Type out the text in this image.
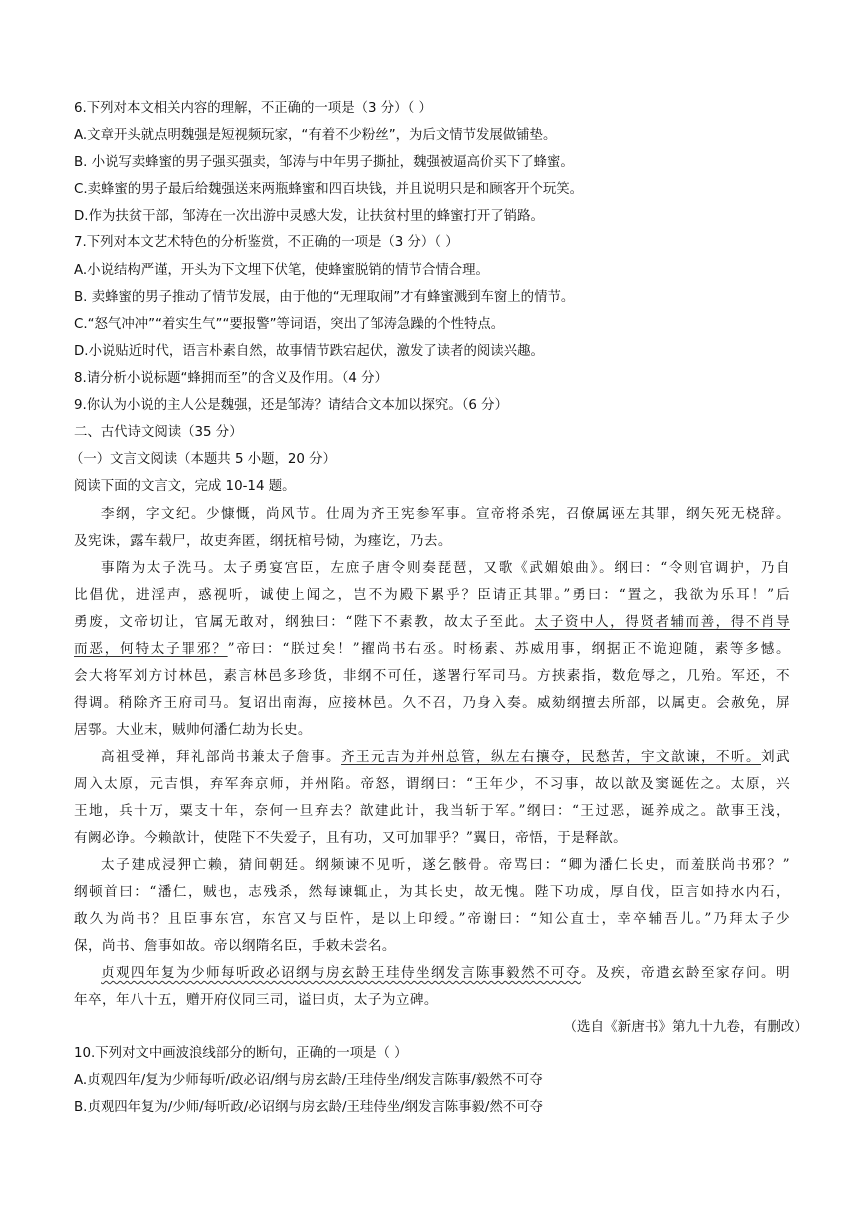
6.下列对本文相关内容的理解，不正确的一项是（3 分）（ ）
A.文章开头就点明魏强是短视频玩家，“有着不少粉丝”，为后文情节发展做铺垫。
B. 小说写卖蜂蜜的男子强买强卖，邹涛与中年男子撕扯，魏强被逼高价买下了蜂蜜。
C.卖蜂蜜的男子最后给魏强送来两瓶蜂蜜和四百块钱，并且说明只是和顾客开个玩笑。
D.作为扶贫干部，邹涛在一次出游中灵感大发，让扶贫村里的蜂蜜打开了销路。
7.下列对本文艺术特色的分析鉴赏，不正确的一项是（3 分）（ ）
A.小说结构严谨，开头为下文埋下伏笔，使蜂蜜脱销的情节合情合理。
B. 卖蜂蜜的男子推动了情节发展，由于他的“无理取闹”才有蜂蜜溅到车窗上的情节。
C.“怒气冲冲”“着实生气”“要报警”等词语，突出了邹涛急躁的个性特点。
D.小说贴近时代，语言朴素自然，故事情节跌宕起伏，激发了读者的阅读兴趣。
8.请分析小说标题“蜂拥而至”的含义及作用。（4 分）
9.你认为小说的主人公是魏强，还是邹涛？请结合文本加以探究。（6 分）
二、古代诗文阅读（35 分）
（一）文言文阅读（本题共 5 小题，20 分）
阅读下面的文言文，完成 10-14 题。
李纲，字文纪。少慷慨，尚风节。仕周为齐王宪参军事。宣帝将杀宪，召僚属诬左其罪，纲矢死无桡辞。
及宪诛，露车载尸，故吏奔匿，纲抚棺号恸，为瘗讫，乃去。
事隋为太子洗马。太子勇宴宫臣，左庶子唐令则奏琵琶，又歌《武媚娘曲》。纲曰：“令则官调护，乃自
比倡优，进淫声，惑视听，诚使上闻之，岂不为殿下累乎？臣请正其罪。”勇曰：“置之，我欲为乐耳！”后
勇废，文帝切让，官属无敢对，纲独曰：“陛下不素教，故太子至此。太子资中人，得贤者辅而善，得不肖导
而恶，何特太子罪邪？”帝曰：“朕过矣！”擢尚书右丞。时杨素、苏威用事，纲据正不诡迎随，素等多憾。
会大将军刘方讨林邑，素言林邑多珍货，非纲不可任，遂署行军司马。方挟素指，数危辱之，几殆。军还，不
得调。稍除齐王府司马。复诏出南海，应接林邑。久不召，乃身入奏。威劾纲擅去所部，以属吏。会赦免，屏
居鄠。大业末，贼帅何潘仁劫为长史。
高祖受禅，拜礼部尚书兼太子詹事。齐王元吉为并州总管，纵左右攘夺，民愁苦，宇文歆谏，不听。刘武
周入太原，元吉惧，弃军奔京师，并州陷。帝怒，谓纲曰：“王年少，不习事，故以歆及窦诞佐之。太原，兴
王地，兵十万，粟支十年，奈何一旦弃去？歆建此计，我当斩于军。”纲曰：“王过恶，诞养成之。歆事王浅，
有阙必诤。今赖歆计，使陛下不失爱子，且有功，又可加罪乎？”翼日，帝悟，于是释歆。
太子建成浸狎亡赖，猜间朝廷。纲频谏不见听，遂乞骸骨。帝骂曰：“卿为潘仁长史，而羞朕尚书邪？”
纲顿首曰：“潘仁，贼也，志残杀，然每谏辄止，为其长史，故无愧。陛下功成，厚自伐，臣言如持水内石，
敢久为尚书？且臣事东宫，东宫又与臣忤，是以上印绶。”帝谢曰：“知公直士，幸卒辅吾儿。”乃拜太子少
保，尚书、詹事如故。帝以纲隋名臣，手敕未尝名。
贞观四年复为少师每听政必诏纲与房玄龄王珪侍坐纲发言陈事毅然不可夺。及疾，帝遣玄龄至家存问。明
年卒，年八十五，赠开府仪同三司，谥曰贞，太子为立碑。
（选自《新唐书》第九十九卷，有删改）
10.下列对文中画波浪线部分的断句，正确的一项是（ ）
A.贞观四年/复为少师每听/政必诏/纲与房玄龄/王珪侍坐/纲发言陈事/毅然不可夺
B.贞观四年复为/少师/每听政/必诏纲与房玄龄/王珪侍坐/纲发言陈事毅/然不可夺
